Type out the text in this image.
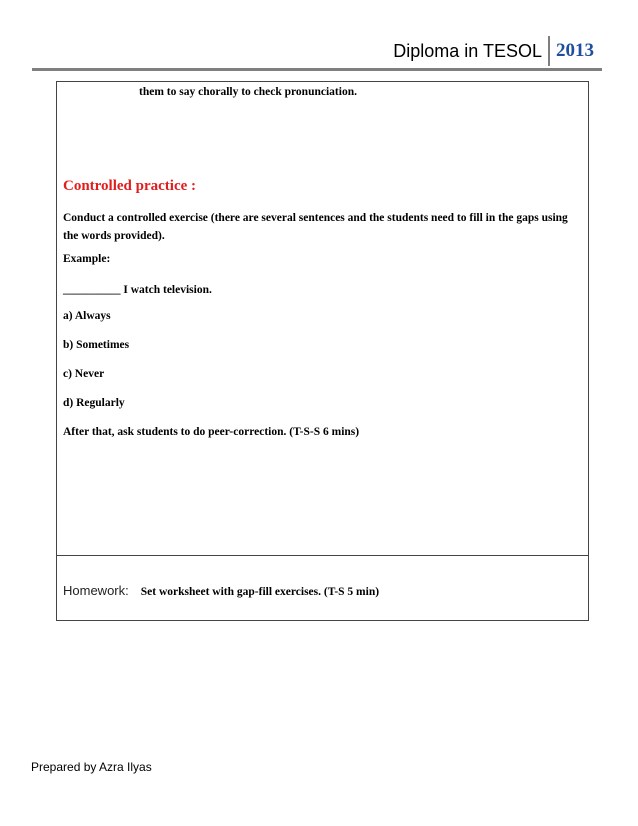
Diploma in TESOL 2013
them to say chorally to check pronunciation.
Controlled practice :
Conduct a controlled exercise (there are several sentences and the students need to fill in the gaps using the words provided).
Example:
__________ I watch television.
a) Always
b) Sometimes
c) Never
d) Regularly
After that, ask students to do peer-correction. (T-S-S 6 mins)
Homework: Set worksheet with gap-fill exercises. (T-S 5 min)
Prepared by Azra Ilyas
